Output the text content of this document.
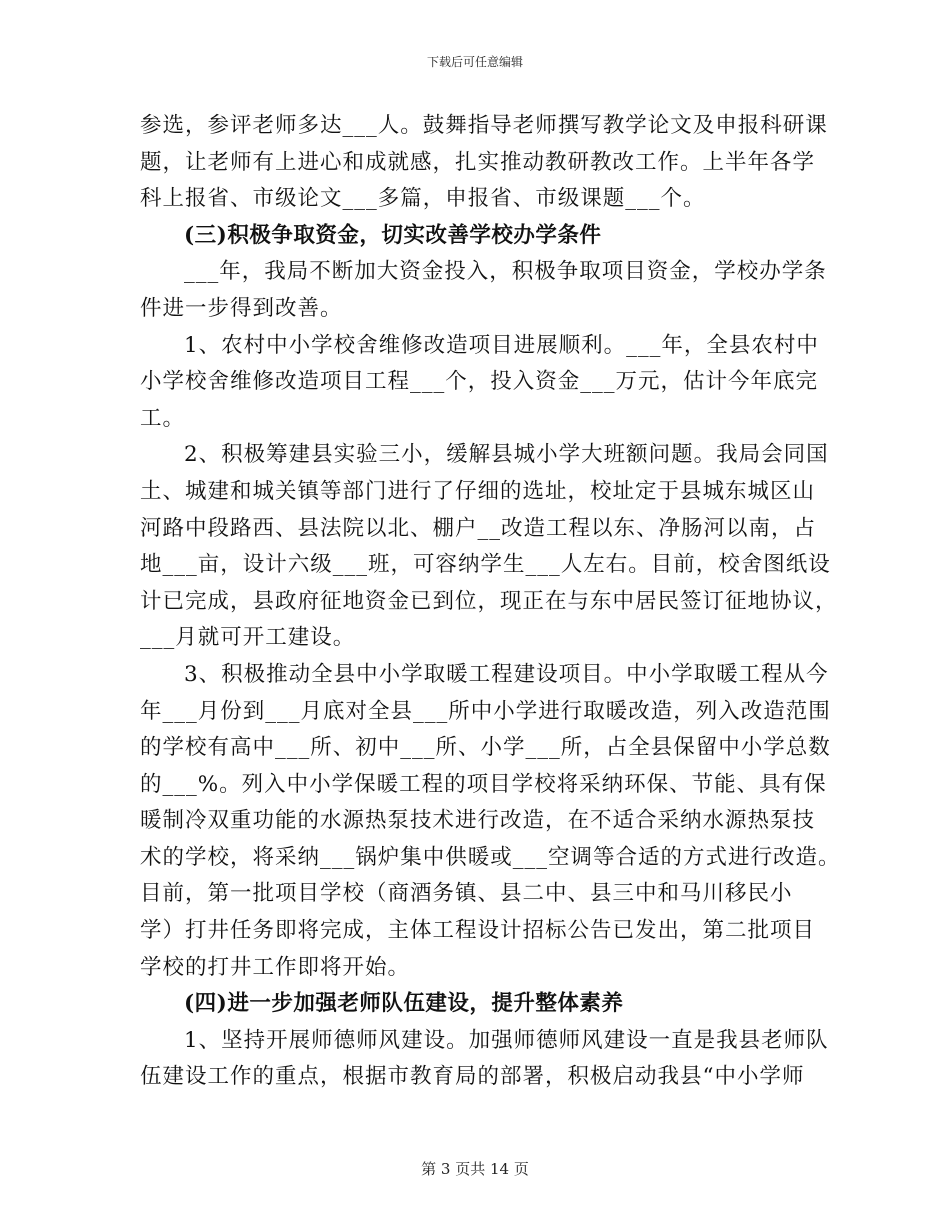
下载后可任意编辑
参选，参评老师多达___人。鼓舞指导老师撰写教学论文及申报科研课
题，让老师有上进心和成就感，扎实推动教研教改工作。上半年各学
科上报省、市级论文___多篇，申报省、市级课题___个。
(三)积极争取资金，切实改善学校办学条件
___年，我局不断加大资金投入，积极争取项目资金，学校办学条
件进一步得到改善。
1、农村中小学校舍维修改造项目进展顺利。___年，全县农村中
小学校舍维修改造项目工程___个，投入资金___万元，估计今年底完
工。
2、积极筹建县实验三小，缓解县城小学大班额问题。我局会同国
土、城建和城关镇等部门进行了仔细的选址，校址定于县城东城区山
河路中段路西、县法院以北、棚户__改造工程以东、净肠河以南，占
地___亩，设计六级___班，可容纳学生___人左右。目前，校舍图纸设
计已完成，县政府征地资金已到位，现正在与东中居民签订征地协议，
___月就可开工建设。
3、积极推动全县中小学取暖工程建设项目。中小学取暖工程从今
年___月份到___月底对全县___所中小学进行取暖改造，列入改造范围
的学校有高中___所、初中___所、小学___所，占全县保留中小学总数
的___%。列入中小学保暖工程的项目学校将采纳环保、节能、具有保
暖制冷双重功能的水源热泵技术进行改造，在不适合采纳水源热泵技
术的学校，将采纳___锅炉集中供暖或___空调等合适的方式进行改造。
目前，第一批项目学校（商酒务镇、县二中、县三中和马川移民小
学）打井任务即将完成，主体工程设计招标公告已发出，第二批项目
学校的打井工作即将开始。
(四)进一步加强老师队伍建设，提升整体素养
1、坚持开展师德师风建设。加强师德师风建设一直是我县老师队
伍建设工作的重点，根据市教育局的部署，积极启动我县“中小学师
第 3 页共 14 页
